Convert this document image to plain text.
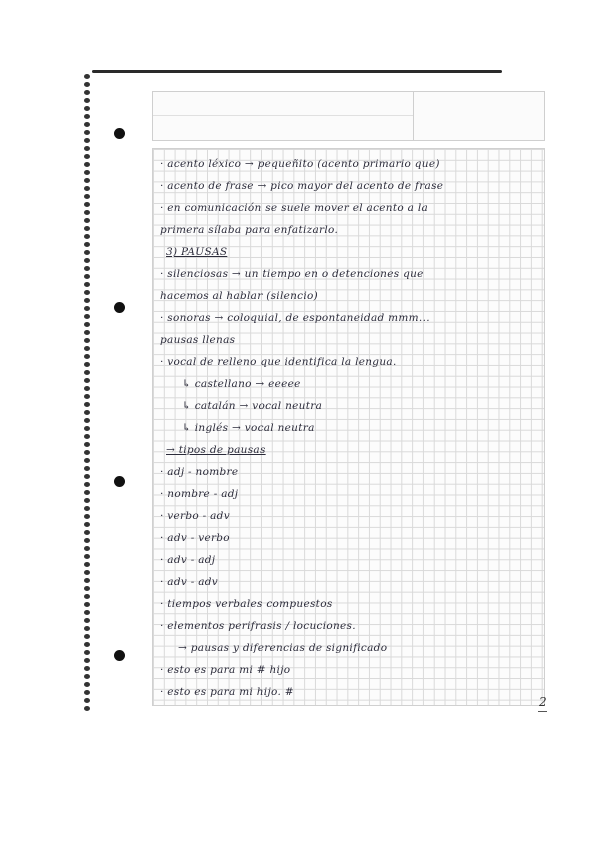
· acento léxico → pequeñito (acento primario que)
· acento de frase → pico mayor del acento de frase
· en comunicación se suele mover el acento a la
primera sílaba para enfatizarlo.
3) PAUSAS
· silenciosas → un tiempo en o detenciones que
hacemos al hablar (silencio)
· sonoras → coloquial, de espontaneidad mmm...
pausas llenas
· vocal de relleno que identifica la lengua.
↳ castellano → eeeee
↳ catalán → vocal neutra
↳ inglés → vocal neutra
→ tipos de pausas
· adj - nombre
· nombre - adj
· verbo - adv
· adv - verbo
· adv - adj
· adv - adv
· tiempos verbales compuestos
· elementos perifrasis / locuciones.
→ pausas y diferencias de significado
· esto es para mi # hijo
· esto es para mi hijo. #
2
